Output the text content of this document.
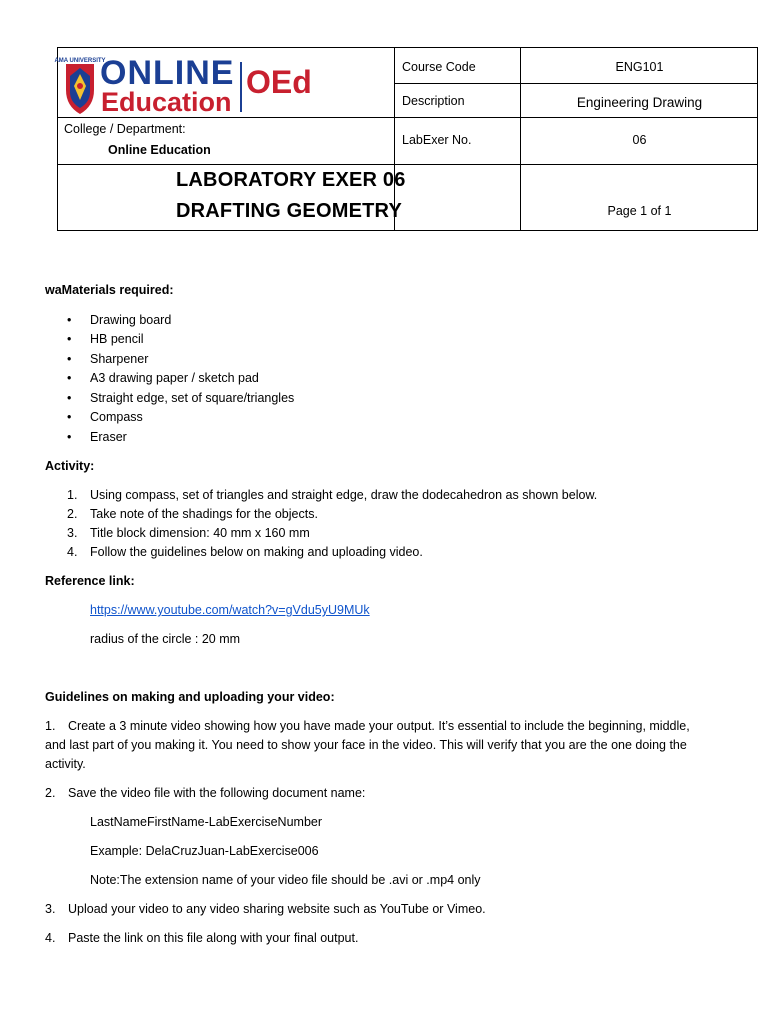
AMA UNIVERSITY
ONLINE
Education
OEd	Course Code	ENG101
Description	Engineering Drawing
College / Department:
Online Education
LabExer No.	06
LABORATORY EXER 06
DRAFTING GEOMETRY	Page 1 of 1
waMaterials required:
• Drawing board
• HB pencil
• Sharpener
• A3 drawing paper / sketch pad
• Straight edge, set of square/triangles
• Compass
• Eraser
Activity:
1. Using compass, set of triangles and straight edge, draw the dodecahedron as shown below.
2. Take note of the shadings for the objects.
3. Title block dimension: 40 mm x 160 mm
4. Follow the guidelines below on making and uploading video.
Reference link:
https://www.youtube.com/watch?v=gVdu5yU9MUk
radius of the circle : 20 mm
Guidelines on making and uploading your video:
1. Create a 3 minute video showing how you have made your output. It’s essential to include the beginning, middle,
and last part of you making it. You need to show your face in the video. This will verify that you are the one doing the
activity.
2. Save the video file with the following document name:
LastNameFirstName-LabExerciseNumber
Example: DelaCruzJuan-LabExercise006
Note:The extension name of your video file should be .avi or .mp4 only
3. Upload your video to any video sharing website such as YouTube or Vimeo.
4. Paste the link on this file along with your final output.
